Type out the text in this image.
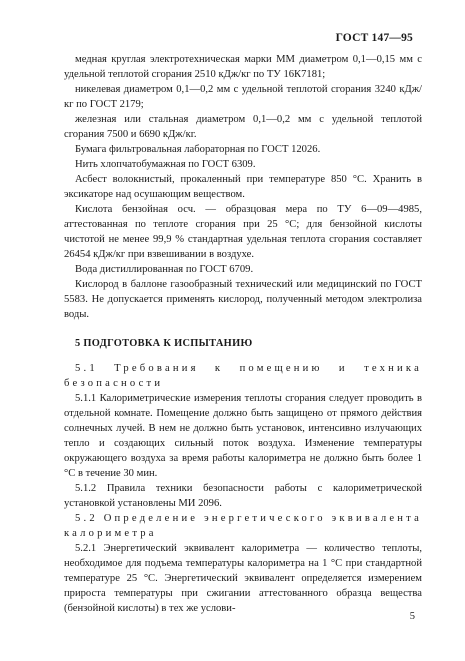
ГОСТ 147—95

медная круглая электротехническая марки ММ диаметром 0,1—0,15 мм с удельной теплотой сгорания 2510 кДж/кг по ТУ 16К7181;

никелевая диаметром 0,1—0,2 мм с удельной теплотой сгорания 3240 кДж/кг по ГОСТ 2179;

железная или стальная диаметром 0,1—0,2 мм с удельной теплотой сгорания 7500 и 6690 кДж/кг.

Бумага фильтровальная лабораторная по ГОСТ 12026.

Нить хлопчатобумажная по ГОСТ 6309.

Асбест волокнистый, прокаленный при температуре 850 °С. Хранить в эксикаторе над осушающим веществом.

Кислота бензойная осч. — образцовая мера по ТУ 6—09—4985, аттестованная по теплоте сгорания при 25 °С; для бензойной кислоты чистотой не менее 99,9 % стандартная удельная теплота сгорания составляет 26454 кДж/кг при взвешивании в воздухе.

Вода дистиллированная по ГОСТ 6709.

Кислород в баллоне газообразный технический или медицинский по ГОСТ 5583. Не допускается применять кислород, полученный методом электролиза воды.

5 ПОДГОТОВКА К ИСПЫТАНИЮ

5.1 Требования к помещению и техника безопасности

5.1.1 Калориметрические измерения теплоты сгорания следует проводить в отдельной комнате. Помещение должно быть защищено от прямого действия солнечных лучей. В нем не должно быть установок, интенсивно излучающих тепло и создающих сильный поток воздуха. Изменение температуры окружающего воздуха за время работы калориметра не должно быть более 1 °С в течение 30 мин.

5.1.2 Правила техники безопасности работы с калориметрической установкой установлены МИ 2096.

5.2 Определение энергетического эквивалента калориметра

5.2.1 Энергетический эквивалент калориметра — количество теплоты, необходимое для подъема температуры калориметра на 1 °С при стандартной температуре 25 °С. Энергетический эквивалент определяется измерением прироста температуры при сжигании аттестованного образца вещества (бензойной кислоты) в тех же услови-

5
